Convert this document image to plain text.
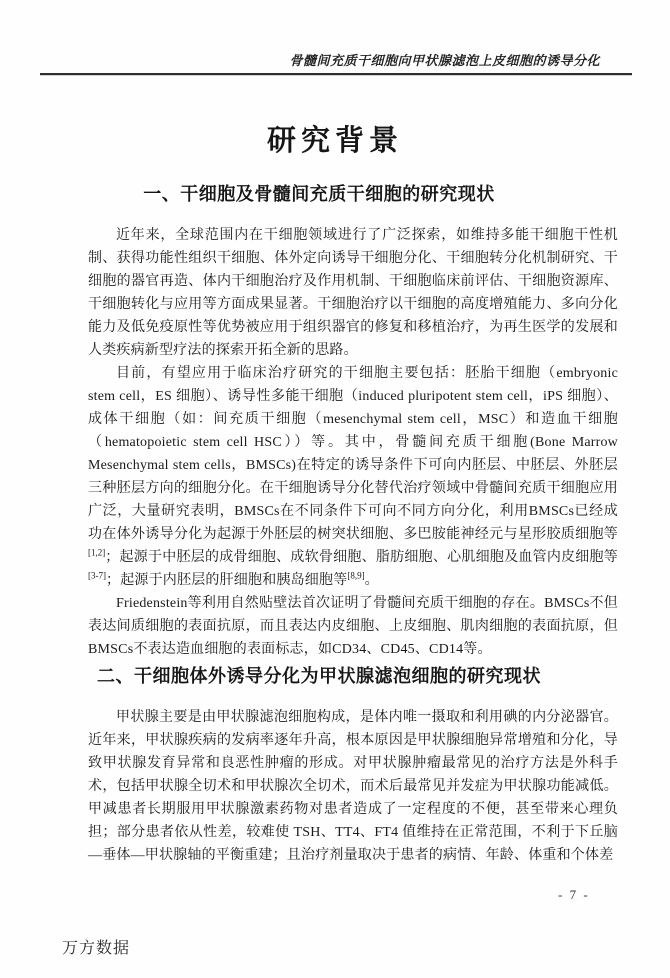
骨髓间充质干细胞向甲状腺滤泡上皮细胞的诱导分化
研究背景
一、干细胞及骨髓间充质干细胞的研究现状

近年来，全球范围内在干细胞领域进行了广泛探索，如维持多能干细胞干性机制、获得功能性组织干细胞、体外定向诱导干细胞分化、干细胞转分化机制研究、干细胞的器官再造、体内干细胞治疗及作用机制、干细胞临床前评估、干细胞资源库、干细胞转化与应用等方面成果显著。干细胞治疗以干细胞的高度增殖能力、多向分化能力及低免疫原性等优势被应用于组织器官的修复和移植治疗，为再生医学的发展和人类疾病新型疗法的探索开拓全新的思路。

目前，有望应用于临床治疗研究的干细胞主要包括：胚胎干细胞（embryonic stem cell，ES 细胞）、诱导性多能干细胞（induced pluripotent stem cell，iPS 细胞）、成体干细胞（如：间充质干细胞（mesenchymal stem cell，MSC）和造血干细胞（hematopoietic stem cell HSC））等。其中，骨髓间充质干细胞(Bone Marrow Mesenchymal stem cells，BMSCs)在特定的诱导条件下可向内胚层、中胚层、外胚层三种胚层方向的细胞分化。在干细胞诱导分化替代治疗领域中骨髓间充质干细胞应用广泛，大量研究表明，BMSCs在不同条件下可向不同方向分化，利用BMSCs已经成功在体外诱导分化为起源于外胚层的树突状细胞、多巴胺能神经元与星形胶质细胞等[1,2]；起源于中胚层的成骨细胞、成软骨细胞、脂肪细胞、心肌细胞及血管内皮细胞等[3-7]；起源于内胚层的肝细胞和胰岛细胞等[8,9]。

Friedenstein等利用自然贴壁法首次证明了骨髓间充质干细胞的存在。BMSCs不但表达间质细胞的表面抗原，而且表达内皮细胞、上皮细胞、肌肉细胞的表面抗原，但BMSCs不表达造血细胞的表面标志，如CD34、CD45、CD14等。

二、干细胞体外诱导分化为甲状腺滤泡细胞的研究现状

甲状腺主要是由甲状腺滤泡细胞构成，是体内唯一摄取和利用碘的内分泌器官。近年来，甲状腺疾病的发病率逐年升高，根本原因是甲状腺细胞异常增殖和分化，导致甲状腺发育异常和良恶性肿瘤的形成。对甲状腺肿瘤最常见的治疗方法是外科手术，包括甲状腺全切术和甲状腺次全切术，而术后最常见并发症为甲状腺功能减低。甲减患者长期服用甲状腺激素药物对患者造成了一定程度的不便，甚至带来心理负担；部分患者依从性差，较难使 TSH、TT4、FT4 值维持在正常范围，不利于下丘脑—垂体—甲状腺轴的平衡重建；且治疗剂量取决于患者的病情、年龄、体重和个体差

- 7 -
万方数据
